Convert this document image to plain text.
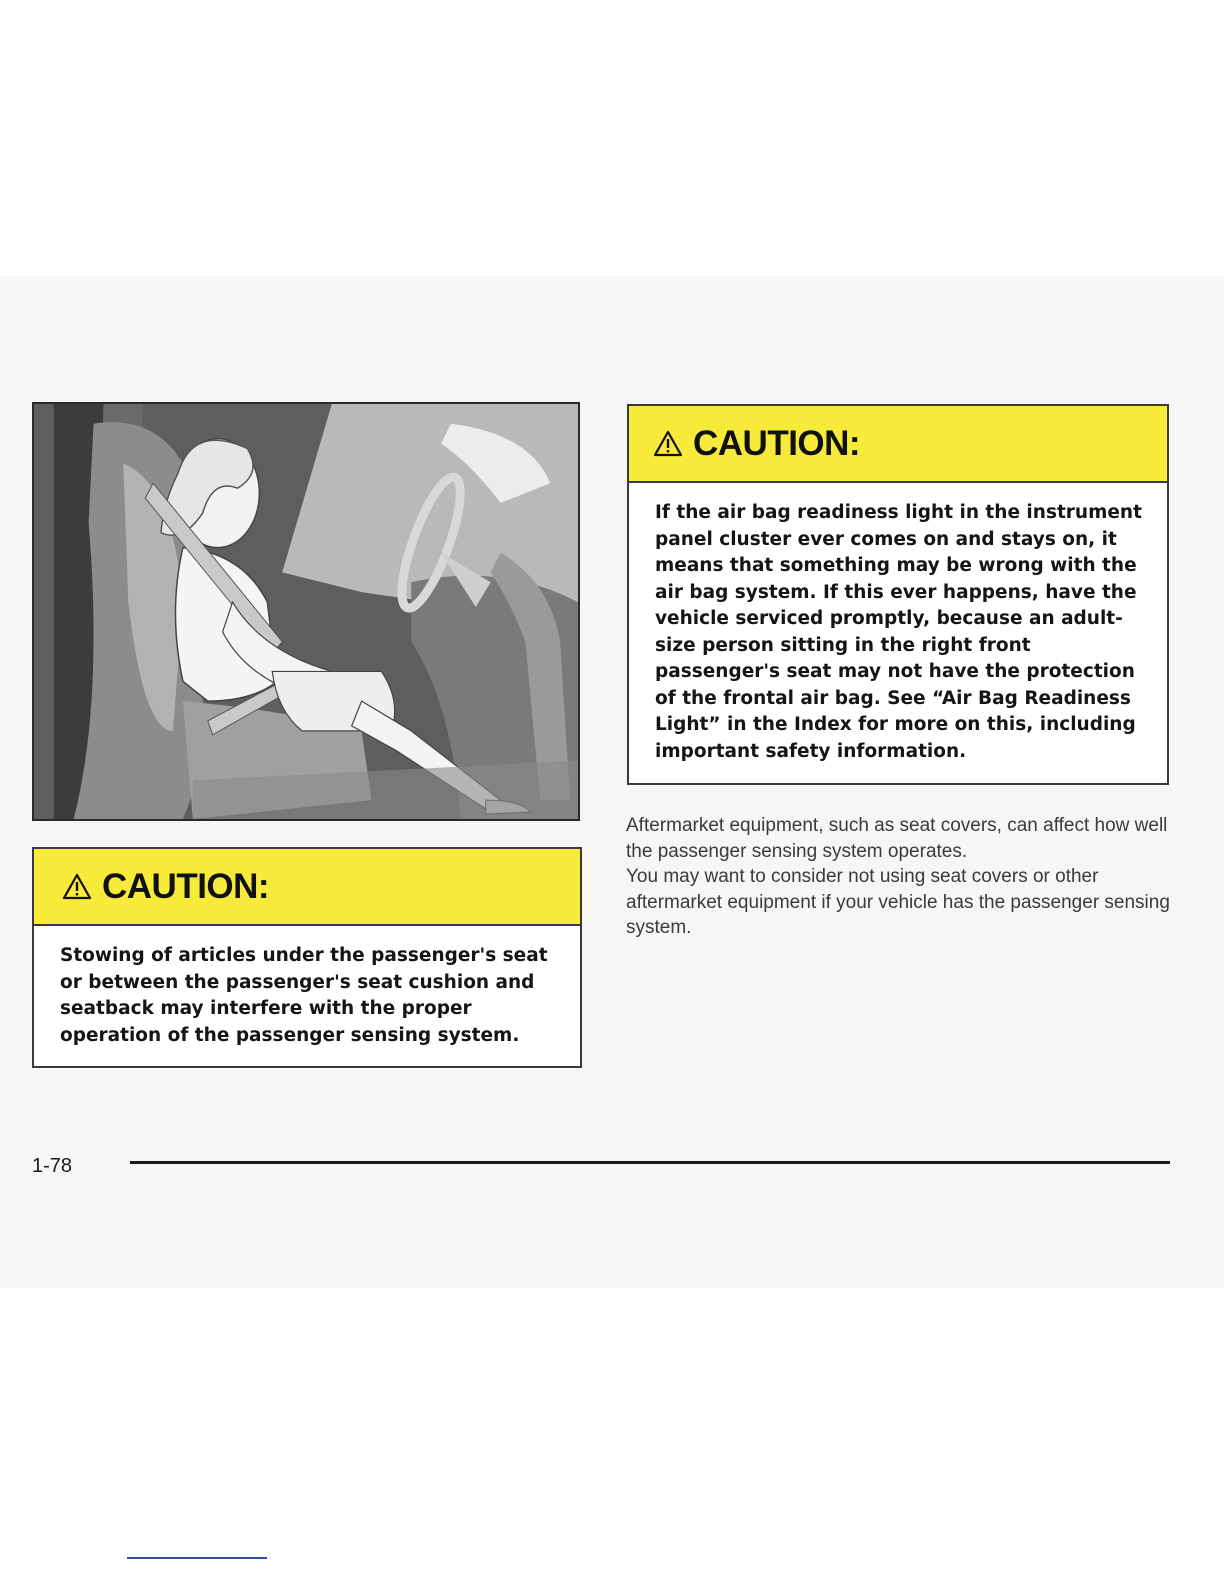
CAUTION:
If the air bag readiness light in the instrument panel cluster ever comes on and stays on, it means that something may be wrong with the air bag system. If this ever happens, have the vehicle serviced promptly, because an adult-size person sitting in the right front passenger's seat may not have the protection of the frontal air bag. See “Air Bag Readiness Light” in the Index for more on this, including important safety information.
CAUTION:
Stowing of articles under the passenger's seat or between the passenger's seat cushion and seatback may interfere with the proper operation of the passenger sensing system.
Aftermarket equipment, such as seat covers, can affect how well the passenger sensing system operates.
You may want to consider not using seat covers or other aftermarket equipment if your vehicle has the passenger sensing system.
1-78
